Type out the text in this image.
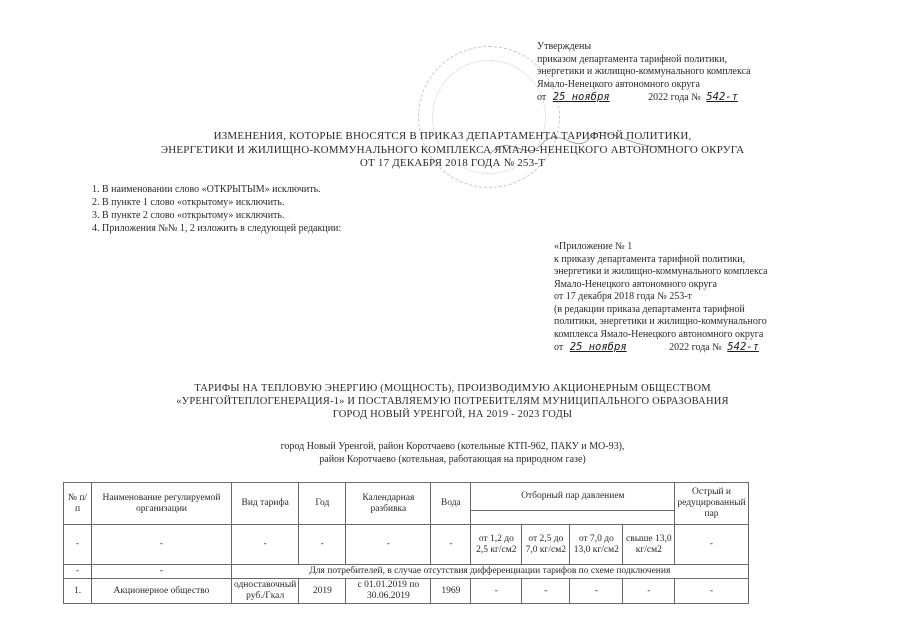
Утверждены
приказом департамента тарифной политики,
энергетики и жилищно-коммунального комплекса
Ямало-Ненецкого автономного округа
от 25 ноября	2022 года № 542-т
ИЗМЕНЕНИЯ, КОТОРЫЕ ВНОСЯТСЯ В ПРИКАЗ ДЕПАРТАМЕНТА ТАРИФНОЙ ПОЛИТИКИ,
ЭНЕРГЕТИКИ И ЖИЛИЩНО-КОММУНАЛЬНОГО КОМПЛЕКСА ЯМАЛО-НЕНЕЦКОГО АВТОНОМНОГО ОКРУГА
ОТ 17 ДЕКАБРЯ 2018 ГОДА № 253-Т
1. В наименовании слово «ОТКРЫТЫМ» исключить.
2. В пункте 1 слово «открытому» исключить.
3. В пункте 2 слово «открытому» исключить.
4. Приложения №№ 1, 2 изложить в следующей редакции:
«Приложение № 1
к приказу департамента тарифной политики,
энергетики и жилищно-коммунального комплекса
Ямало-Ненецкого автономного округа
от 17 декабря 2018 года № 253-т
(в редакции приказа департамента тарифной
политики, энергетики и жилищно-коммунального
комплекса Ямало-Ненецкого автономного округа
от 25 ноября	2022 года № 542-т
ТАРИФЫ НА ТЕПЛОВУЮ ЭНЕРГИЮ (МОЩНОСТЬ), ПРОИЗВОДИМУЮ АКЦИОНЕРНЫМ ОБЩЕСТВОМ
«УРЕНГОЙТЕПЛОГЕНЕРАЦИЯ-1» И ПОСТАВЛЯЕМУЮ ПОТРЕБИТЕЛЯМ МУНИЦИПАЛЬНОГО ОБРАЗОВАНИЯ
ГОРОД НОВЫЙ УРЕНГОЙ, НА 2019 - 2023 ГОДЫ
город Новый Уренгой, район Коротчаево (котельные КТП-962, ПАКУ и МО-93),
район Коротчаево (котельная, работающая на природном газе)
№ п/п	Наименование регулируемой организации	Вид тарифа	Год	Календарная разбивка	Вода	Отборный пар давлением				Острый и редуцированный пар

-	-	-	-	-	-	от 1,2 до 2,5 кг/см2	от 2,5 до 7,0 кг/см2	от 7,0 до 13,0 кг/см2	свыше 13,0 кг/см2	-
-	-	Для потребителей, в случае отсутствия дифференциации тарифов по схеме подключения								
1.	Акционерное общество	одноставочный руб./Гкал	2019	с 01.01.2019 по 30.06.2019	1969	-	-	-	-	-
